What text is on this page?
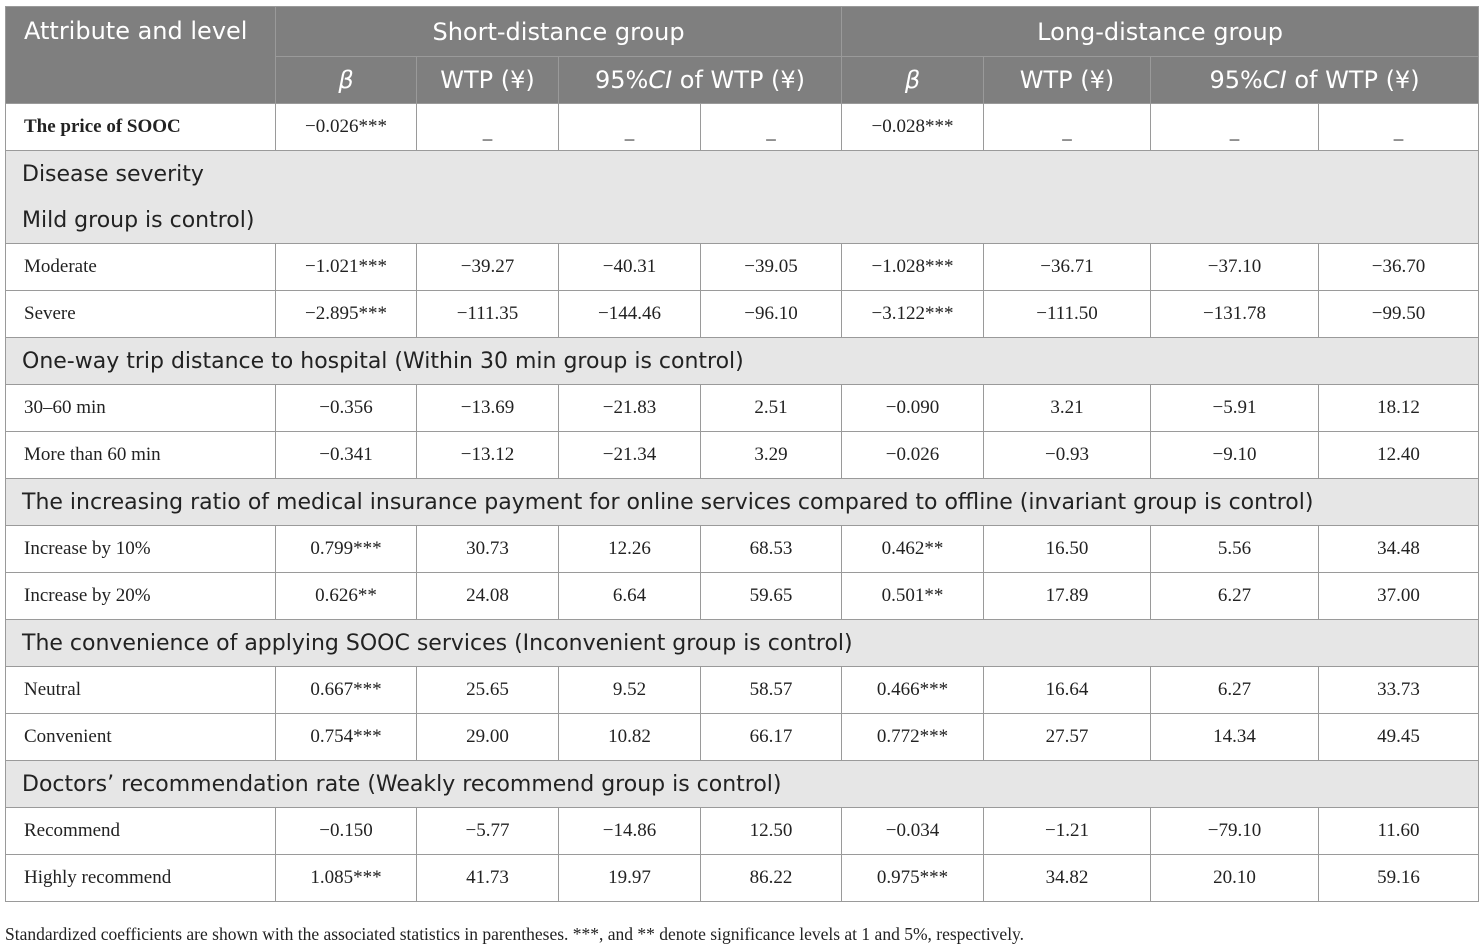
Attribute and level	Short-distance group				Long-distance group			
	β	WTP (¥)	95%CI of WTP (¥)		β	WTP (¥)	95%CI of WTP (¥)	
The price of SOOC	−0.026***	_	_	_	−0.028***	_	_	_
Disease severity								
Mild group is control)								
Moderate	−1.021***	−39.27	−40.31	−39.05	−1.028***	−36.71	−37.10	−36.70
Severe	−2.895***	−111.35	−144.46	−96.10	−3.122***	−111.50	−131.78	−99.50
One-way trip distance to hospital (Within 30 min group is control)								
30–60 min	−0.356	−13.69	−21.83	2.51	−0.090	3.21	−5.91	18.12
More than 60 min	−0.341	−13.12	−21.34	3.29	−0.026	−0.93	−9.10	12.40
The increasing ratio of medical insurance payment for online services compared to offline (invariant group is control)								
Increase by 10%	0.799***	30.73	12.26	68.53	0.462**	16.50	5.56	34.48
Increase by 20%	0.626**	24.08	6.64	59.65	0.501**	17.89	6.27	37.00
The convenience of applying SOOC services (Inconvenient group is control)								
Neutral	0.667***	25.65	9.52	58.57	0.466***	16.64	6.27	33.73
Convenient	0.754***	29.00	10.82	66.17	0.772***	27.57	14.34	49.45
Doctors’ recommendation rate (Weakly recommend group is control)								
Recommend	−0.150	−5.77	−14.86	12.50	−0.034	−1.21	−79.10	11.60
Highly recommend	1.085***	41.73	19.97	86.22	0.975***	34.82	20.10	59.16
Standardized coefficients are shown with the associated statistics in parentheses. ***, and ** denote significance levels at 1 and 5%, respectively.
